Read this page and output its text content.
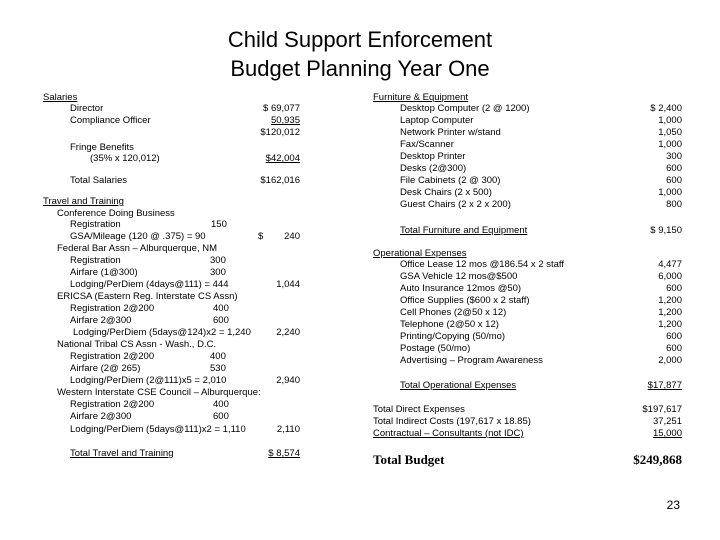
Child Support Enforcement
Budget Planning Year One
Salaries
Director	$ 69,077
Compliance Officer	50,935
$120,012
Fringe Benefits
(35% x 120,012)	$42,004
Total Salaries	$162,016
Travel and Training
Conference Doing Business
Registration	150
GSA/Mileage (120 @ .375) = 90	$ 240
Federal Bar Assn – Alburquerque, NM
Registration	300
Airfare (1@300)	300
Lodging/PerDiem (4days@111) = 444	1,044
ERICSA (Eastern Reg. Interstate CS Assn)
Registration 2@200	400
Airfare 2@300	600
Lodging/PerDiem (5days@124)x2 = 1,240	2,240
National Tribal CS Assn - Wash., D.C.
Registration 2@200	400
Airfare (2@ 265)	530
Lodging/PerDiem (2@111)x5 = 2,010	2,940
Western Interstate CSE Council – Alburquerque:
Registration 2@200	400
Airfare 2@300	600
Lodging/PerDiem (5days@111)x2 = 1,110	2,110
Total Travel and Training	$ 8,574
Furniture & Equipment
Desktop Computer (2 @ 1200)	$ 2,400
Laptop Computer	1,000
Network Printer w/stand	1,050
Fax/Scanner	1,000
Desktop Printer	300
Desks (2@300)	600
File Cabinets (2 @ 300)	600
Desk Chairs (2 x 500)	1,000
Guest Chairs (2 x 2 x 200)	800
Total Furniture and Equipment	$ 9,150
Operational Expenses
Office Lease 12 mos @186.54 x 2 staff	4,477
GSA Vehicle 12 mos@$500	6,000
Auto Insurance 12mos @50)	600
Office Supplies ($600 x 2 staff)	1,200
Cell Phones (2@50 x 12)	1,200
Telephone (2@50 x 12)	1,200
Printing/Copying (50/mo)	600
Postage (50/mo)	600
Advertising – Program Awareness	2,000
Total Operational Expenses	$17,877
Total Direct Expenses	$197,617
Total Indirect Costs (197,617 x 18.85)	37,251
Contractual – Consultants (not IDC)	15,000
Total Budget	$249,868
23
